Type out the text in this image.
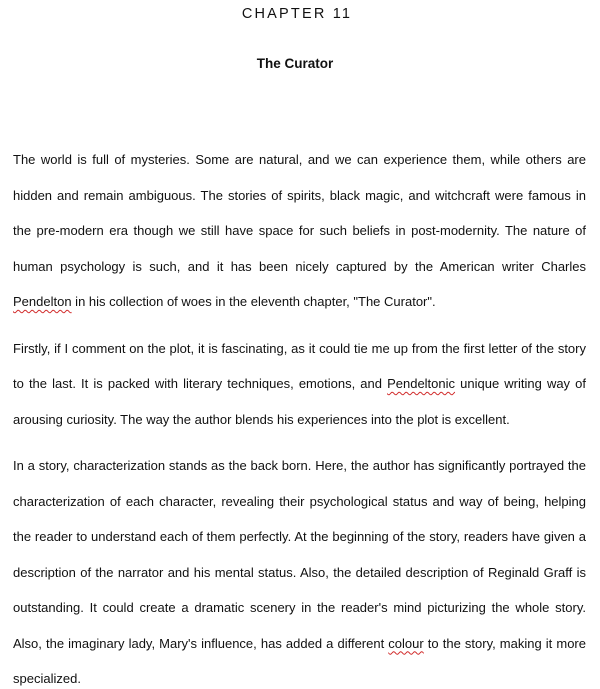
CHAPTER 11
The Curator

The world is full of mysteries. Some are natural, and we can experience them, while others are hidden and remain ambiguous. The stories of spirits, black magic, and witchcraft were famous in the pre-modern era though we still have space for such beliefs in post-modernity. The nature of human psychology is such, and it has been nicely captured by the American writer Charles Pendelton in his collection of woes in the eleventh chapter, "The Curator".

Firstly, if I comment on the plot, it is fascinating, as it could tie me up from the first letter of the story to the last. It is packed with literary techniques, emotions, and Pendeltonic unique writing way of arousing curiosity. The way the author blends his experiences into the plot is excellent.

In a story, characterization stands as the back born. Here, the author has significantly portrayed the characterization of each character, revealing their psychological status and way of being, helping the reader to understand each of them perfectly. At the beginning of the story, readers have given a description of the narrator and his mental status. Also, the detailed description of Reginald Graff is outstanding. It could create a dramatic scenery in the reader's mind picturizing the whole story. Also, the imaginary lady, Mary's influence, has added a different colour to the story, making it more specialized.
